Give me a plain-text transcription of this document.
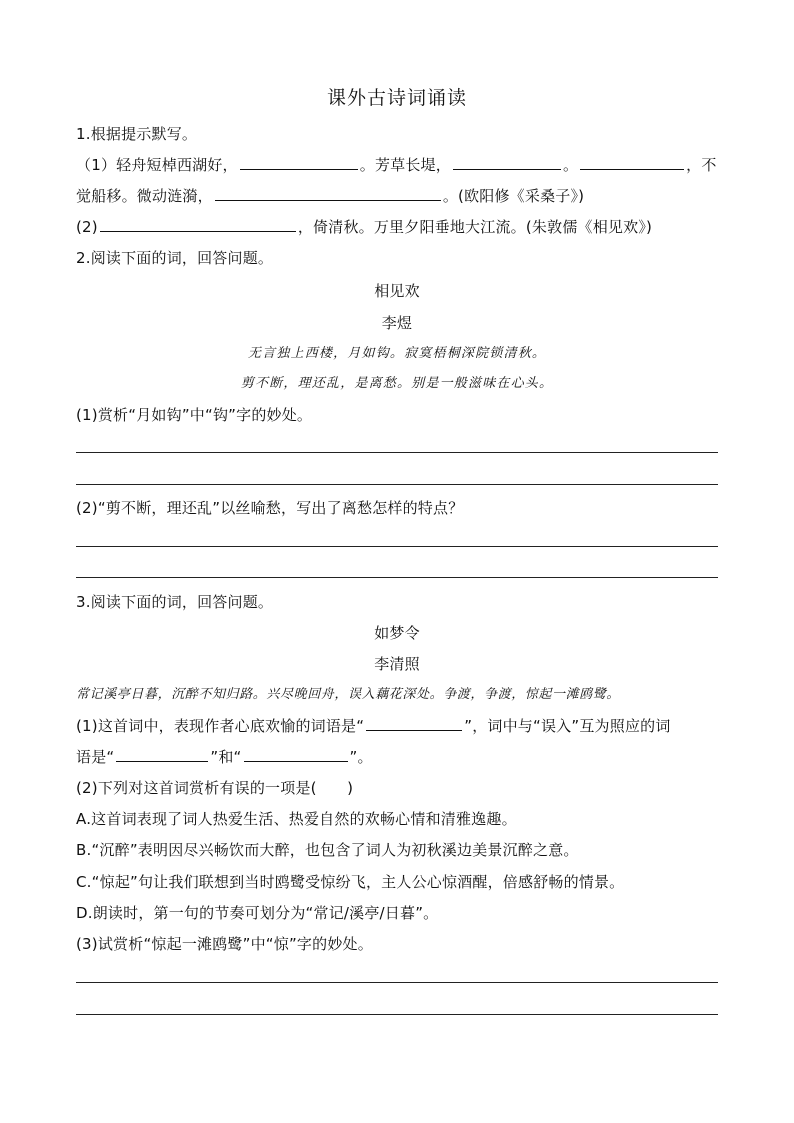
课外古诗词诵读
1.根据提示默写。
（1）轻舟短棹西湖好，	。芳草长堤，	。	，不
觉船移。微动涟漪，	。(欧阳修《采桑子》)
(2)	，倚清秋。万里夕阳垂地大江流。(朱敦儒《相见欢》)
2.阅读下面的词，回答问题。
相见欢
李煜
无言独上西楼，月如钩。寂寞梧桐深院锁清秋。
剪不断，理还乱，是离愁。别是一般滋味在心头。
(1)赏析“月如钩”中“钩”字的妙处。
(2)“剪不断，理还乱”以丝喻愁，写出了离愁怎样的特点？
3.阅读下面的词，回答问题。
如梦令
李清照
常记溪亭日暮，沉醉不知归路。兴尽晚回舟，误入藕花深处。争渡，争渡，惊起一滩鸥鹭。
(1)这首词中，表现作者心底欢愉的词语是“	”，词中与“误入”互为照应的词
语是“	”和“	”。
(2)下列对这首词赏析有误的一项是(　　)
A.这首词表现了词人热爱生活、热爱自然的欢畅心情和清雅逸趣。
B.“沉醉”表明因尽兴畅饮而大醉，也包含了词人为初秋溪边美景沉醉之意。
C.“惊起”句让我们联想到当时鸥鹭受惊纷飞，主人公心惊酒醒，倍感舒畅的情景。
D.朗读时，第一句的节奏可划分为“常记/溪亭/日暮”。
(3)试赏析“惊起一滩鸥鹭”中“惊”字的妙处。
